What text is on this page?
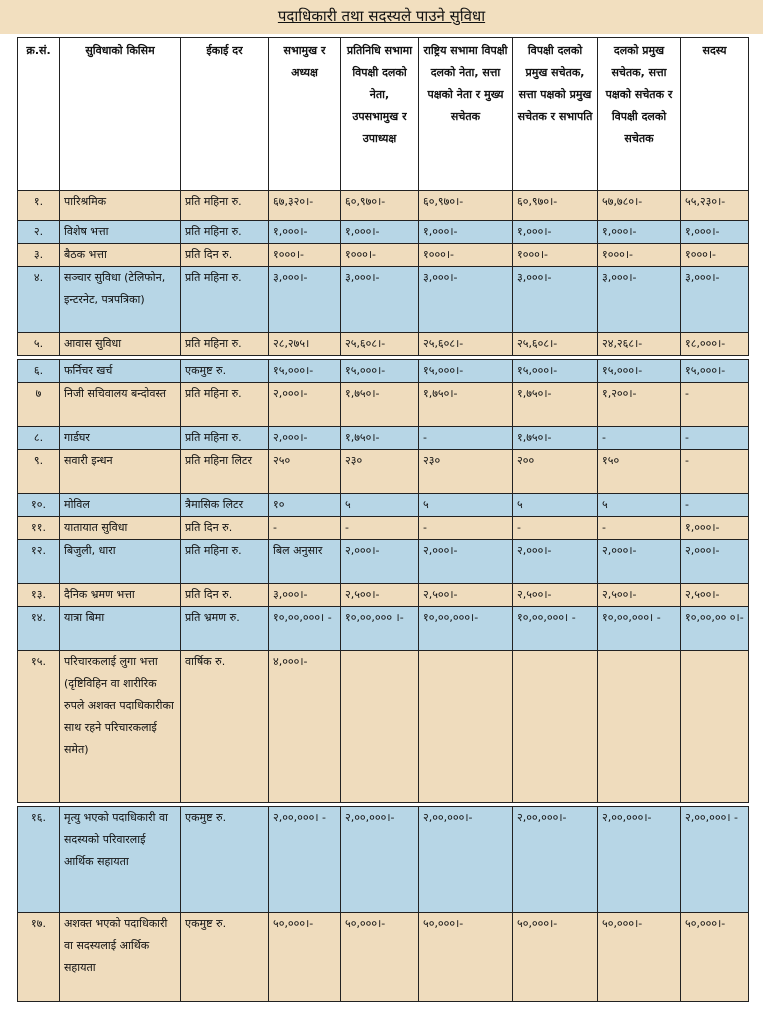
पदाधिकारी तथा सदस्यले पाउने सुविधा
क्र.सं.	सुविधाको किसिम	ईकाई दर	सभामुख र अध्यक्ष	प्रतिनिधि सभामा विपक्षी दलको नेता, उपसभामुख र उपाध्यक्ष	राष्ट्रिय सभामा विपक्षी दलको नेता, सत्ता पक्षको नेता र मुख्य सचेतक	विपक्षी दलको प्रमुख सचेतक, सत्ता पक्षको प्रमुख सचेतक र सभापति	दलको प्रमुख सचेतक, सत्ता पक्षको सचेतक र विपक्षी दलको सचेतक	सदस्य
१.	पारिश्रमिक	प्रति महिना रु.	६७,३२०।-	६०,९७०।-	६०,९७०।-	६०,९७०।-	५७,७८०।-	५५,२३०।-
२.	विशेष भत्ता	प्रति महिना रु.	१,०००।-	१,०००।-	१,०००।-	१,०००।-	१,०००।-	१,०००।-
३.	बैठक भत्ता	प्रति दिन रु.	१०००।-	१०००।-	१०००।-	१०००।-	१०००।-	१०००।-
४.	सञ्चार सुविधा (टेलिफोन, इन्टरनेट, पत्रपत्रिका)	प्रति महिना रु.	३,०००।-	३,०००।-	३,०००।-	३,०००।-	३,०००।-	३,०००।-
५.	आवास सुविधा	प्रति महिना रु.	२८,२७५।	२५,६०८।-	२५,६०८।-	२५,६०८।-	२४,२६८।-	१८,०००।-

६.	फर्निचर खर्च	एकमुष्ट रु.	१५,०००।-	१५,०००।-	१५,०००।-	१५,०००।-	१५,०००।-	१५,०००।-
७	निजी सचिवालय बन्दोवस्त	प्रति महिना रु.	२,०००।-	१,७५०।-	१,७५०।-	१,७५०।-	१,२००।-	-
८.	गार्डघर	प्रति महिना रु.	२,०००।-	१,७५०।-	-	१,७५०।-	-	-
९.	सवारी इन्धन	प्रति महिना लिटर	२५०	२३०	२३०	२००	१५०	-
१०.	मोविल	त्रैमासिक लिटर	१०	५	५	५	५	-
११.	यातायात सुविधा	प्रति दिन रु.	-	-	-	-	-	१,०००।-
१२.	बिजुली, धारा	प्रति महिना रु.	बिल अनुसार	२,०००।-	२,०००।-	२,०००।-	२,०००।-	२,०००।-
१३.	दैनिक भ्रमण भत्ता	प्रति दिन रु.	३,०००।-	२,५००।-	२,५००।-	२,५००।-	२,५००।-	२,५००।-
१४.	यात्रा बिमा	प्रति भ्रमण रु.	१०,००,०००। -	१०,००,००० ।-	१०,००,०००।-	१०,००,०००। -	१०,००,०००। -	१०,००,०० ०।-
१५.	परिचारकलाई लुगा भत्ता (दृष्टिविहिन वा शारीरिक रुपले अशक्त पदाधिकारीका साथ रहने परिचारकलाई समेत)	वार्षिक रु.	४,०००।-					

१६.	मृत्यु भएको पदाधिकारी वा सदस्यको परिवारलाई आर्थिक सहायता	एकमुष्ट रु.	२,००,०००। -	२,००,०००।-	२,००,०००।-	२,००,०००।-	२,००,०००।-	२,००,०००। -
१७.	अशक्त भएको पदाधिकारी वा सदस्यलाई आर्थिक सहायता	एकमुष्ट रु.	५०,०००।-	५०,०००।-	५०,०००।-	५०,०००।-	५०,०००।-	५०,०००।-
